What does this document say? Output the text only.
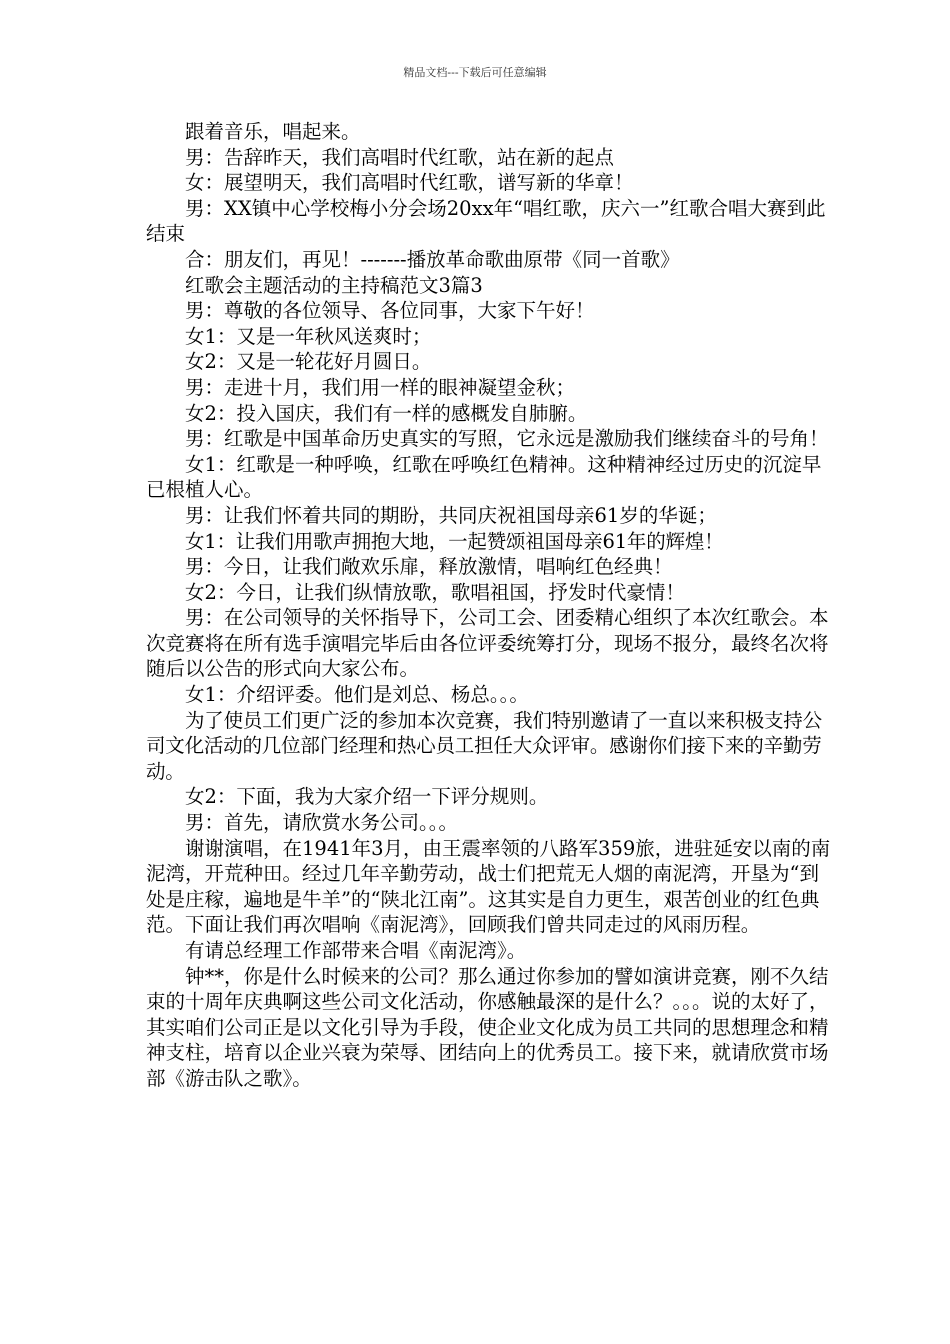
精品文档---下载后可任意编辑

跟着音乐，唱起来。

男：告辞昨天，我们高唱时代红歌，站在新的起点

女：展望明天，我们高唱时代红歌，谱写新的华章！

男：XX镇中心学校梅小分会场20xx年“唱红歌，庆六一”红歌合唱大赛到此结束

合：朋友们，再见！-------播放革命歌曲原带《同一首歌》

红歌会主题活动的主持稿范文3篇3

男：尊敬的各位领导、各位同事，大家下午好！

女1：又是一年秋风送爽时；

女2：又是一轮花好月圆日。

男：走进十月，我们用一样的眼神凝望金秋；

女2：投入国庆，我们有一样的感概发自肺腑。

男：红歌是中国革命历史真实的写照，它永远是激励我们继续奋斗的号角！

女1：红歌是一种呼唤，红歌在呼唤红色精神。这种精神经过历史的沉淀早已根植人心。

男：让我们怀着共同的期盼，共同庆祝祖国母亲61岁的华诞；

女1：让我们用歌声拥抱大地，一起赞颂祖国母亲61年的辉煌！

男：今日，让我们敞欢乐扉，释放激情，唱响红色经典！

女2：今日，让我们纵情放歌，歌唱祖国，抒发时代豪情！

男：在公司领导的关怀指导下，公司工会、团委精心组织了本次红歌会。本次竞赛将在所有选手演唱完毕后由各位评委统筹打分，现场不报分，最终名次将随后以公告的形式向大家公布。

女1：介绍评委。他们是刘总、杨总。。。

为了使员工们更广泛的参加本次竞赛，我们特别邀请了一直以来积极支持公司文化活动的几位部门经理和热心员工担任大众评审。感谢你们接下来的辛勤劳动。

女2：下面，我为大家介绍一下评分规则。

男：首先，请欣赏水务公司。。。

谢谢演唱，在1941年3月，由王震率领的八路军359旅，进驻延安以南的南泥湾，开荒种田。经过几年辛勤劳动，战士们把荒无人烟的南泥湾，开垦为“到处是庄稼，遍地是牛羊”的“陕北江南”。这其实是自力更生，艰苦创业的红色典范。下面让我们再次唱响《南泥湾》，回顾我们曾共同走过的风雨历程。

有请总经理工作部带来合唱《南泥湾》。

钟**，你是什么时候来的公司？那么通过你参加的譬如演讲竞赛，刚不久结束的十周年庆典啊这些公司文化活动，你感触最深的是什么？。。。说的太好了，其实咱们公司正是以文化引导为手段，使企业文化成为员工共同的思想理念和精神支柱，培育以企业兴衰为荣辱、团结向上的优秀员工。接下来，就请欣赏市场部《游击队之歌》。
